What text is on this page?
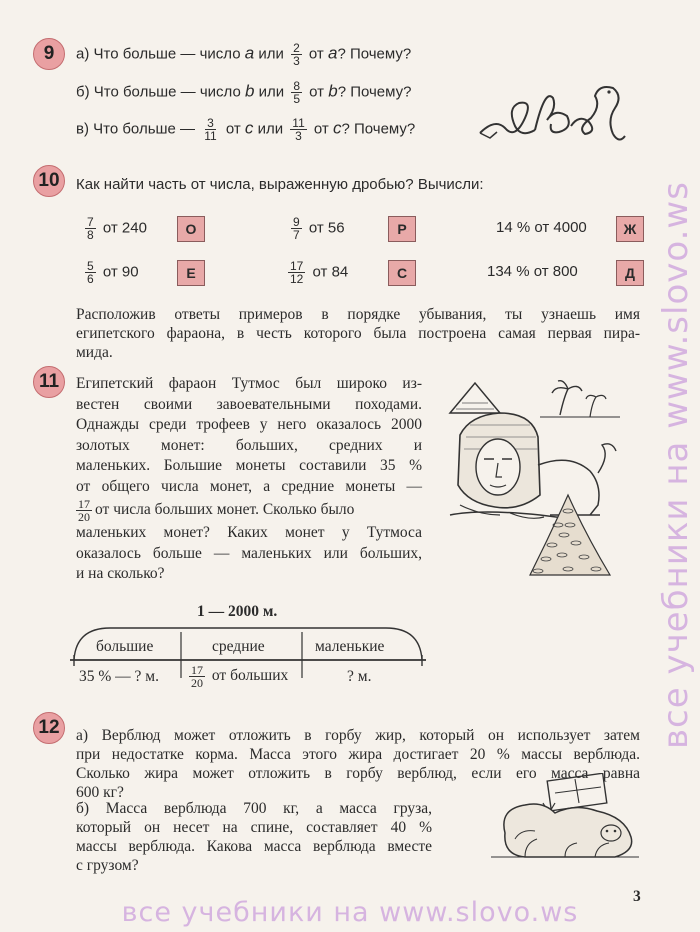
9 а) Что больше — число a или $\frac{2}{3}$ от a? Почему?
б) Что больше — число b или $\frac{8}{5}$ от b? Почему?
в) Что больше — $\frac{3}{11}$ от c или $\frac{11}{3}$ от c? Почему?
10 Как найти часть от числа, выраженную дробью? Вычисли:
$\frac{7}{8}$ от 240	О	$\frac{9}{7}$ от 56	Р	14 % от 4000	Ж
$\frac{5}{6}$ от 90	Е	$\frac{17}{12}$ от 84	С	134 % от 800	Д
Расположив ответы примеров в порядке убывания, ты узнаешь имя
египетского фараона, в честь которого была построена самая первая пира-
мида.
11 Египетский фараон Тутмос был широко из-
вестен своими завоевательными походами.
Однажды среди трофеев у него оказалось 2000
золотых монет: больших, средних и
маленьких. Большие монеты составили 35 %
от общего числа монет, а средние монеты —
$\frac{17}{20}$ от числа больших монет. Сколько было
маленьких монет? Каких монет у Тутмоса
оказалось больше — маленьких или больших,
и на сколько?
1 — 2000 м.
большие	средние	маленькие
35 % — ? м.	$\frac{17}{20}$ от больших	? м.
12 а) Верблюд может отложить в горбу жир, который он использует затем
при недостатке корма. Масса этого жира достигает 20 % массы верблюда.
Сколько жира может отложить в горбу верблюд, если его масса равна
600 кг?
б) Масса верблюда 700 кг, а масса груза,
который он несет на спине, составляет 40 %
массы верблюда. Какова масса верблюда вместе
с грузом?
3
все учебники на www.slovo.ws
все учебники на www.slovo.ws
